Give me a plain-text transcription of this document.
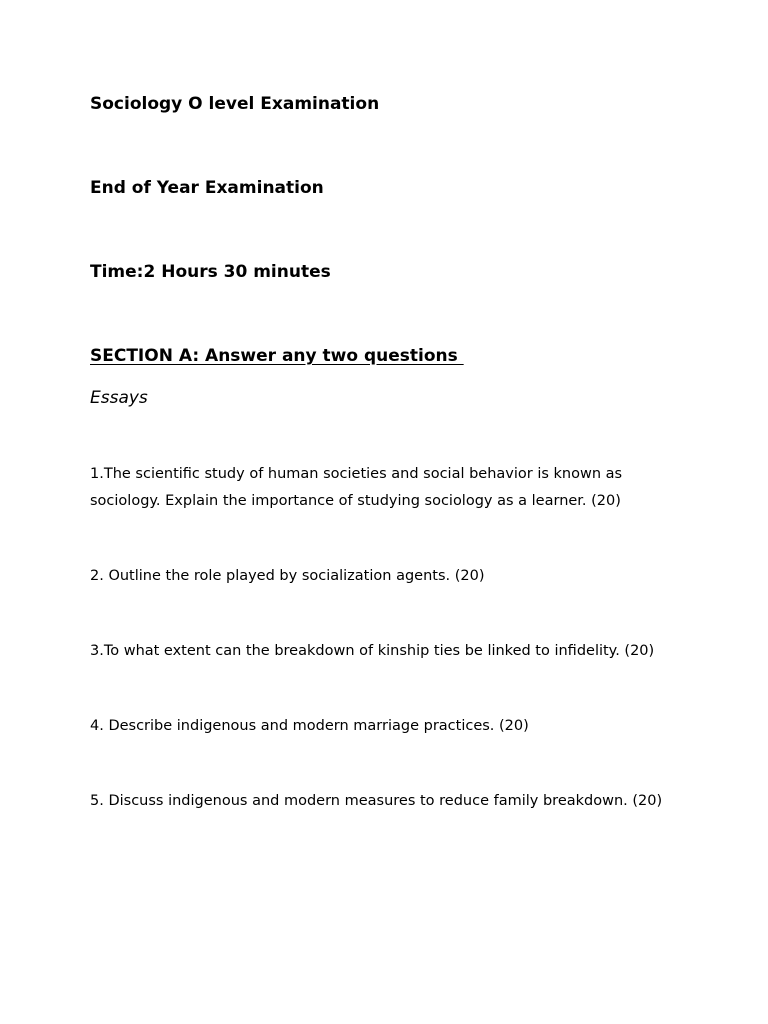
Sociology O level Examination

End of Year Examination

Time:2 Hours 30 minutes

SECTION A: Answer any two questions

Essays

1.The scientific study of human societies and social behavior is known as sociology. Explain the importance of studying sociology as a learner. (20)

2. Outline the role played by socialization agents. (20)

3.To what extent can the breakdown of kinship ties be linked to infidelity. (20)

4. Describe indigenous and modern marriage practices. (20)

5. Discuss indigenous and modern measures to reduce family breakdown. (20)
